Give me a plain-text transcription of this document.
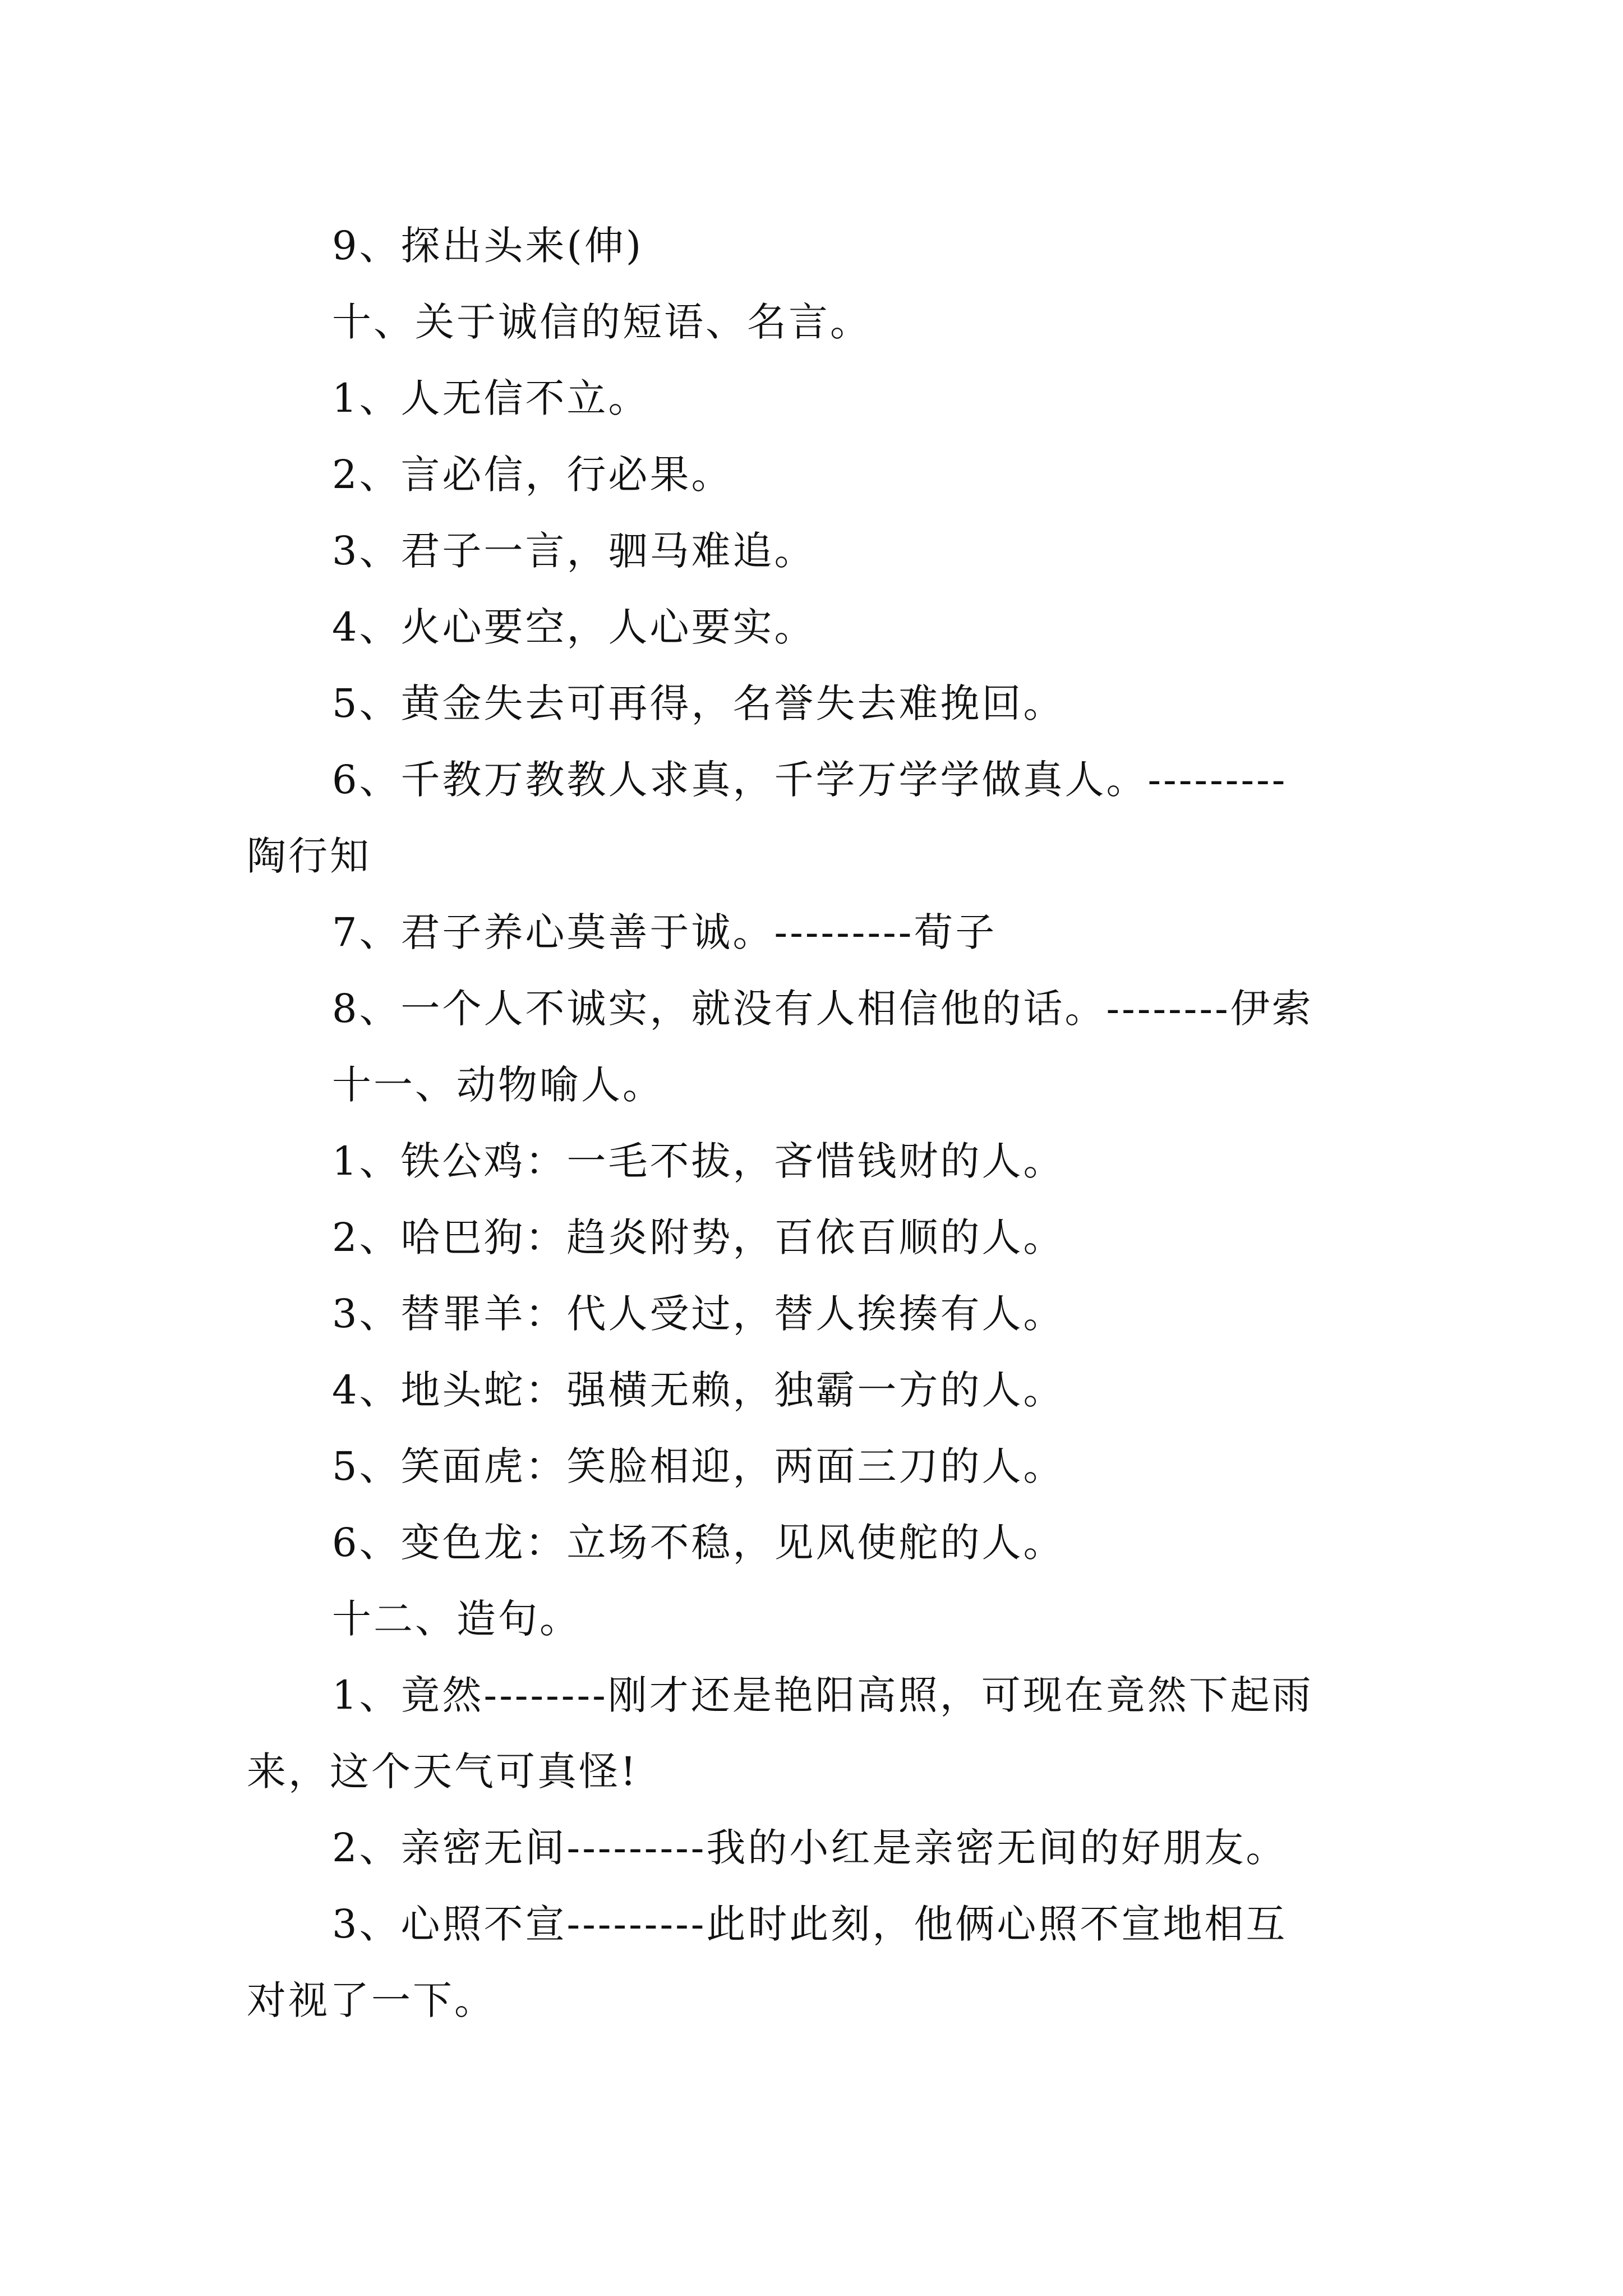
9、探出头来(伸)
十、关于诚信的短语、名言。
1、人无信不立。
2、言必信，行必果。
3、君子一言，驷马难追。
4、火心要空，人心要实。
5、黄金失去可再得，名誉失去难挽回。
6、千教万教教人求真，千学万学学做真人。---------
陶行知
7、君子养心莫善于诚。---------荀子
8、一个人不诚实，就没有人相信他的话。--------伊索
十一、动物喻人。
1、铁公鸡：一毛不拔，吝惜钱财的人。
2、哈巴狗：趋炎附势，百依百顺的人。
3、替罪羊：代人受过，替人挨揍有人。
4、地头蛇：强横无赖，独霸一方的人。
5、笑面虎：笑脸相迎，两面三刀的人。
6、变色龙：立场不稳，见风使舵的人。
十二、造句。
1、竟然--------刚才还是艳阳高照，可现在竟然下起雨
来，这个天气可真怪!
2、亲密无间---------我的小红是亲密无间的好朋友。
3、心照不宣---------此时此刻，他俩心照不宣地相互
对视了一下。
